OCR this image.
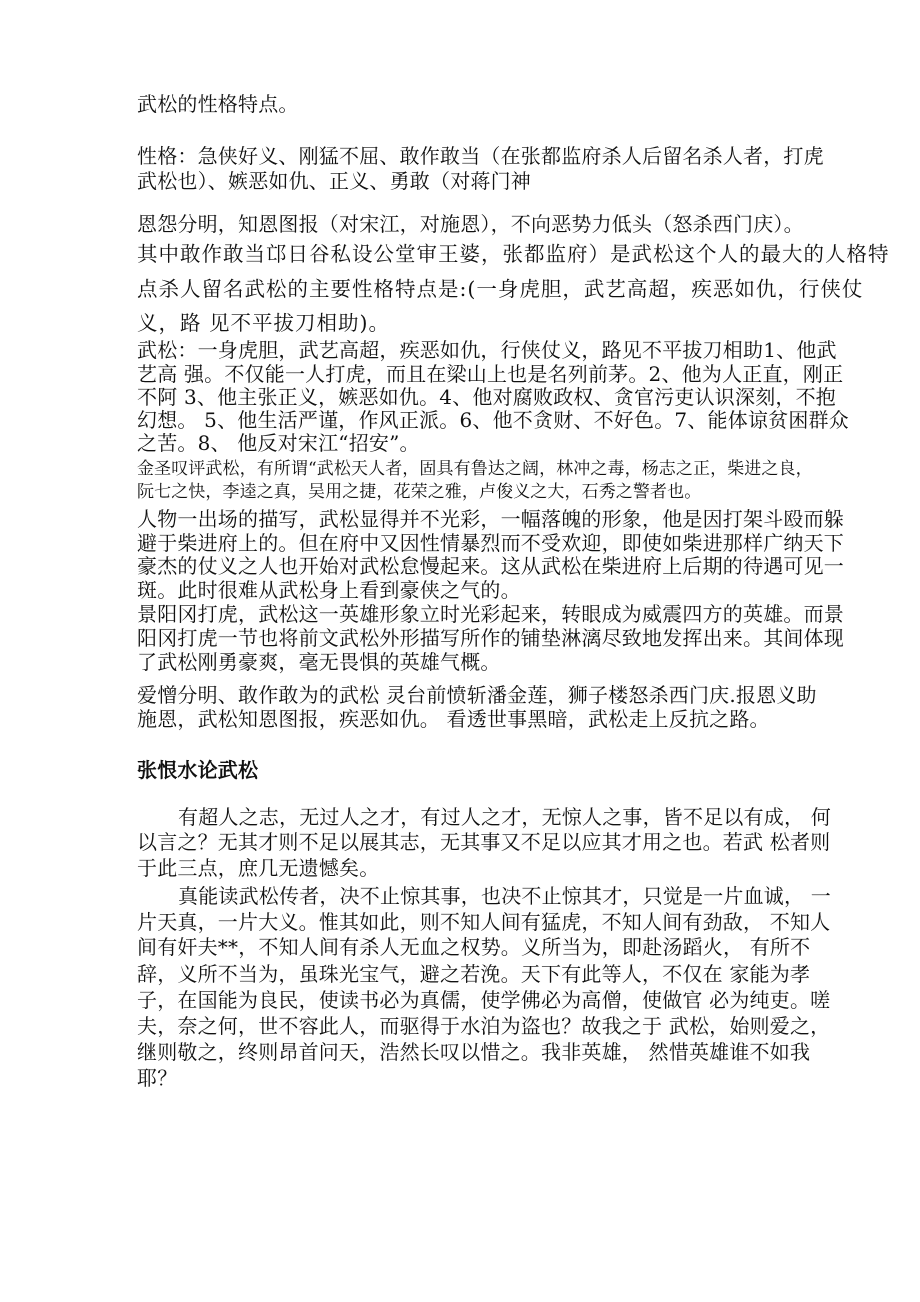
武松的性格特点。
性格：急侠好义、刚猛不屈、敢作敢当（在张都监府杀人后留名杀人者，打虎
武松也）、嫉恶如仇、正义、勇敢（对蒋门神
恩怨分明，知恩图报（对宋江，对施恩），不向恶势力低头（怒杀西门庆）。
其中敢作敢当邙日谷私设公堂审王婆，张都监府）是武松这个人的最大的人格特
点杀人留名武松的主要性格特点是:(一身虎胆，武艺高超，疾恶如仇，行侠仗
义，路 见不平拔刀相助)。
武松：一身虎胆，武艺高超，疾恶如仇，行侠仗义，路见不平拔刀相助1、他武
艺高 强。不仅能一人打虎，而且在梁山上也是名列前茅。2、他为人正直，刚正
不阿 3、他主张正义，嫉恶如仇。4、他对腐败政权、贪官污吏认识深刻，不抱
幻想。 5、他生活严谨，作风正派。6、他不贪财、不好色。7、能体谅贫困群众
之苦。8、 他反对宋江“招安”。
金圣叹评武松，有所谓“武松天人者，固具有鲁达之阔，林冲之毒，杨志之正，柴进之良，
阮七之快，李逵之真，吴用之捷，花荣之雅，卢俊义之大，石秀之警者也。
人物一出场的描写，武松显得并不光彩，一幅落魄的形象，他是因打架斗殴而躲
避于柴进府上的。但在府中又因性情暴烈而不受欢迎，即使如柴进那样广纳天下
豪杰的仗义之人也开始对武松怠慢起来。这从武松在柴进府上后期的待遇可见一
斑。此时很难从武松身上看到豪侠之气的。
景阳冈打虎，武松这一英雄形象立时光彩起来，转眼成为威震四方的英雄。而景
阳冈打虎一节也将前文武松外形描写所作的铺垫淋漓尽致地发挥出来。其间体现
了武松刚勇豪爽，毫无畏惧的英雄气概。
爱憎分明、敢作敢为的武松 灵台前愤斩潘金莲，狮子楼怒杀西门庆.报恩义助
施恩，武松知恩图报，疾恶如仇。 看透世事黑暗，武松走上反抗之路。
张恨水论武松
有超人之志，无过人之才，有过人之才，无惊人之事，皆不足以有成， 何
以言之？无其才则不足以展其志，无其事又不足以应其才用之也。若武 松者则
于此三点，庶几无遗憾矣。
真能读武松传者，决不止惊其事，也决不止惊其才，只觉是一片血诚， 一
片天真，一片大义。惟其如此，则不知人间有猛虎，不知人间有劲敌， 不知人
间有奸夫**，不知人间有杀人无血之权势。义所当为，即赴汤蹈火， 有所不
辞，义所不当为，虽珠光宝气，避之若浼。天下有此等人，不仅在 家能为孝
子，在国能为良民，使读书必为真儒，使学佛必为高僧，使做官 必为纯吏。嗟
夫，奈之何，世不容此人，而驱得于水泊为盗也？故我之于 武松，始则爱之，
继则敬之，终则昂首问天，浩然长叹以惜之。我非英雄， 然惜英雄谁不如我
耶？
